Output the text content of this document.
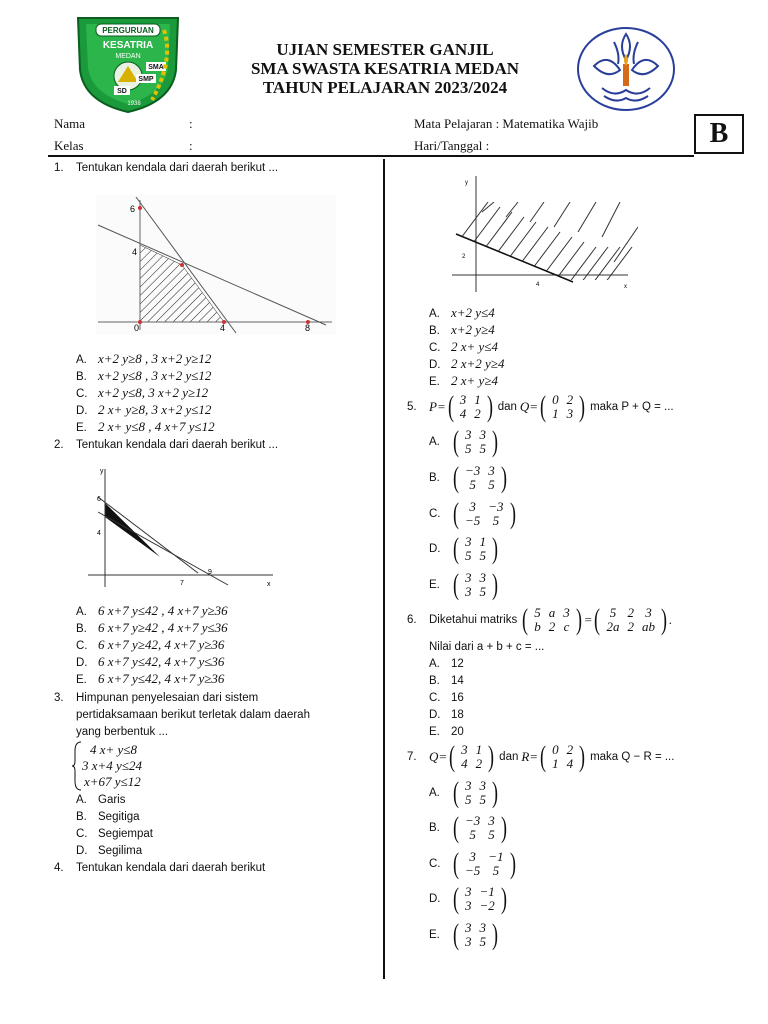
PERGURUAN
KESATRIA
MEDAN
SMA
SMP
SD
1938
UJIAN SEMESTER GANJIL
SMA SWASTA KESATRIA MEDAN
TAHUN PELAJARAN 2023/2024
B
Nama	:	Mata Pelajaran : Matematika Wajib
Kelas	:	Hari/Tanggal :
1. Tentukan kendala dari daerah berikut ...
6
4
0	4	8
A. x+2 y≥8 , 3 x+2 y≥12
B. x+2 y≤8 , 3 x+2 y≤12
C. x+2 y≤8, 3 x+2 y≥12
D. 2 x+ y≥8, 3 x+2 y≤12
E. 2 x+ y≤8 , 4 x+7 y≤12
2. Tentukan kendala dari daerah berikut ...
y
x
6
4
7
9
A. 6 x+7 y≤42 , 4 x+7 y≥36
B. 6 x+7 y≥42 , 4 x+7 y≤36
C. 6 x+7 y≥42, 4 x+7 y≥36
D. 6 x+7 y≤42, 4 x+7 y≤36
E. 6 x+7 y≤42, 4 x+7 y≥36
3. Himpunan penyelesaian dari sistem
pertidaksamaan berikut terletak dalam daerah
yang berbentuk ...
4 x+ y≤8
3 x+4 y≤24
x+67 y≤12
A. Garis
B. Segitiga
C. Segiempat
D. Segilima
4. Tentukan kendala dari daerah berikut
y
x
2
4
A. x+2 y≤4
B. x+2 y≥4
C. 2 x+ y≤4
D. 2 x+2 y≥4
E. 2 x+ y≥4
5. P= ( 3	1
4	2 ) dan Q= ( 0	2
1	3 ) maka P + Q = ...
A. ( 3	3
5	5 )
B. ( −3	3
5	5 )
C. ( 3	−3
−5	5 )
D. ( 3	1
5	5 )
E. ( 3	3
3	5 )
6.	Diketahui matriks ( 5	a	3
b	2	c ) = ( 5	2	3
2a	2	ab ) .
Nilai dari a + b + c = ...
A. 12
B. 14
C. 16
D. 18
E. 20
7. Q= ( 3	1
4	2 ) dan R= ( 0	2
1	4 ) maka Q − R = ...
A. ( 3	3
5	5 )
B. ( −3	3
5	5 )
C. ( 3	−1
−5	5 )
D. ( 3	−1
3	−2 )
E. ( 3	3
3	5 )
